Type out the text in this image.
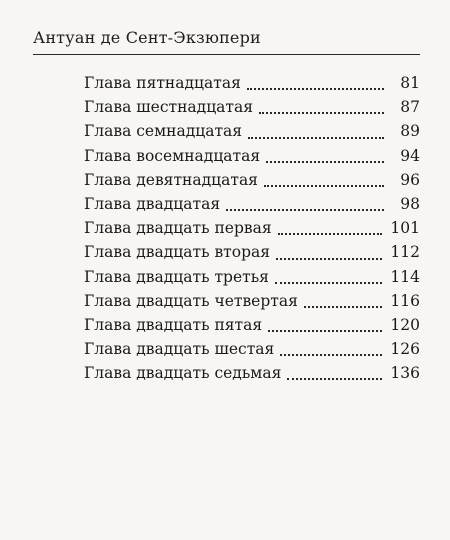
Антуан де Сент-Экзюпери
Глава пятнадцатая	81
Глава шестнадцатая	87
Глава семнадцатая	89
Глава восемнадцатая	94
Глава девятнадцатая	96
Глава двадцатая	98
Глава двадцать первая	101
Глава двадцать вторая	112
Глава двадцать третья	114
Глава двадцать четвертая	116
Глава двадцать пятая	120
Глава двадцать шестая	126
Глава двадцать седьмая	136
